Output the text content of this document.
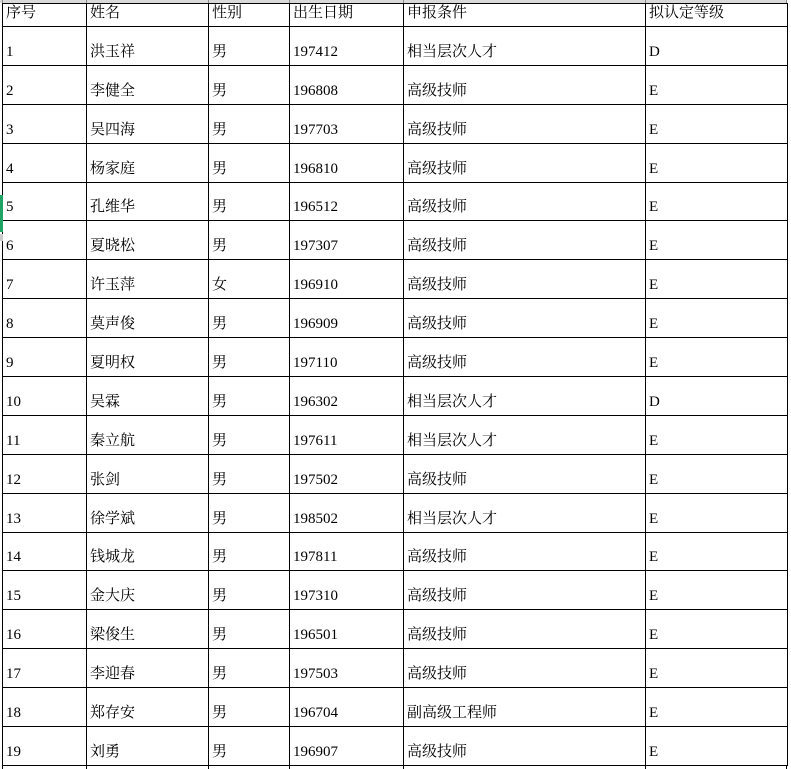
序号	姓名	性别	出生日期	申报条件	拟认定等级
1	洪玉祥	男	197412	相当层次人才	D
2	李健全	男	196808	高级技师	E
3	吴四海	男	197703	高级技师	E
4	杨家庭	男	196810	高级技师	E
5	孔维华	男	196512	高级技师	E
6	夏晓松	男	197307	高级技师	E
7	许玉萍	女	196910	高级技师	E
8	莫声俊	男	196909	高级技师	E
9	夏明权	男	197110	高级技师	E
10	吴霖	男	196302	相当层次人才	D
11	秦立航	男	197611	相当层次人才	E
12	张剑	男	197502	高级技师	E
13	徐学斌	男	198502	相当层次人才	E
14	钱城龙	男	197811	高级技师	E
15	金大庆	男	197310	高级技师	E
16	梁俊生	男	196501	高级技师	E
17	李迎春	男	197503	高级技师	E
18	郑存安	男	196704	副高级工程师	E
19	刘勇	男	196907	高级技师	E
